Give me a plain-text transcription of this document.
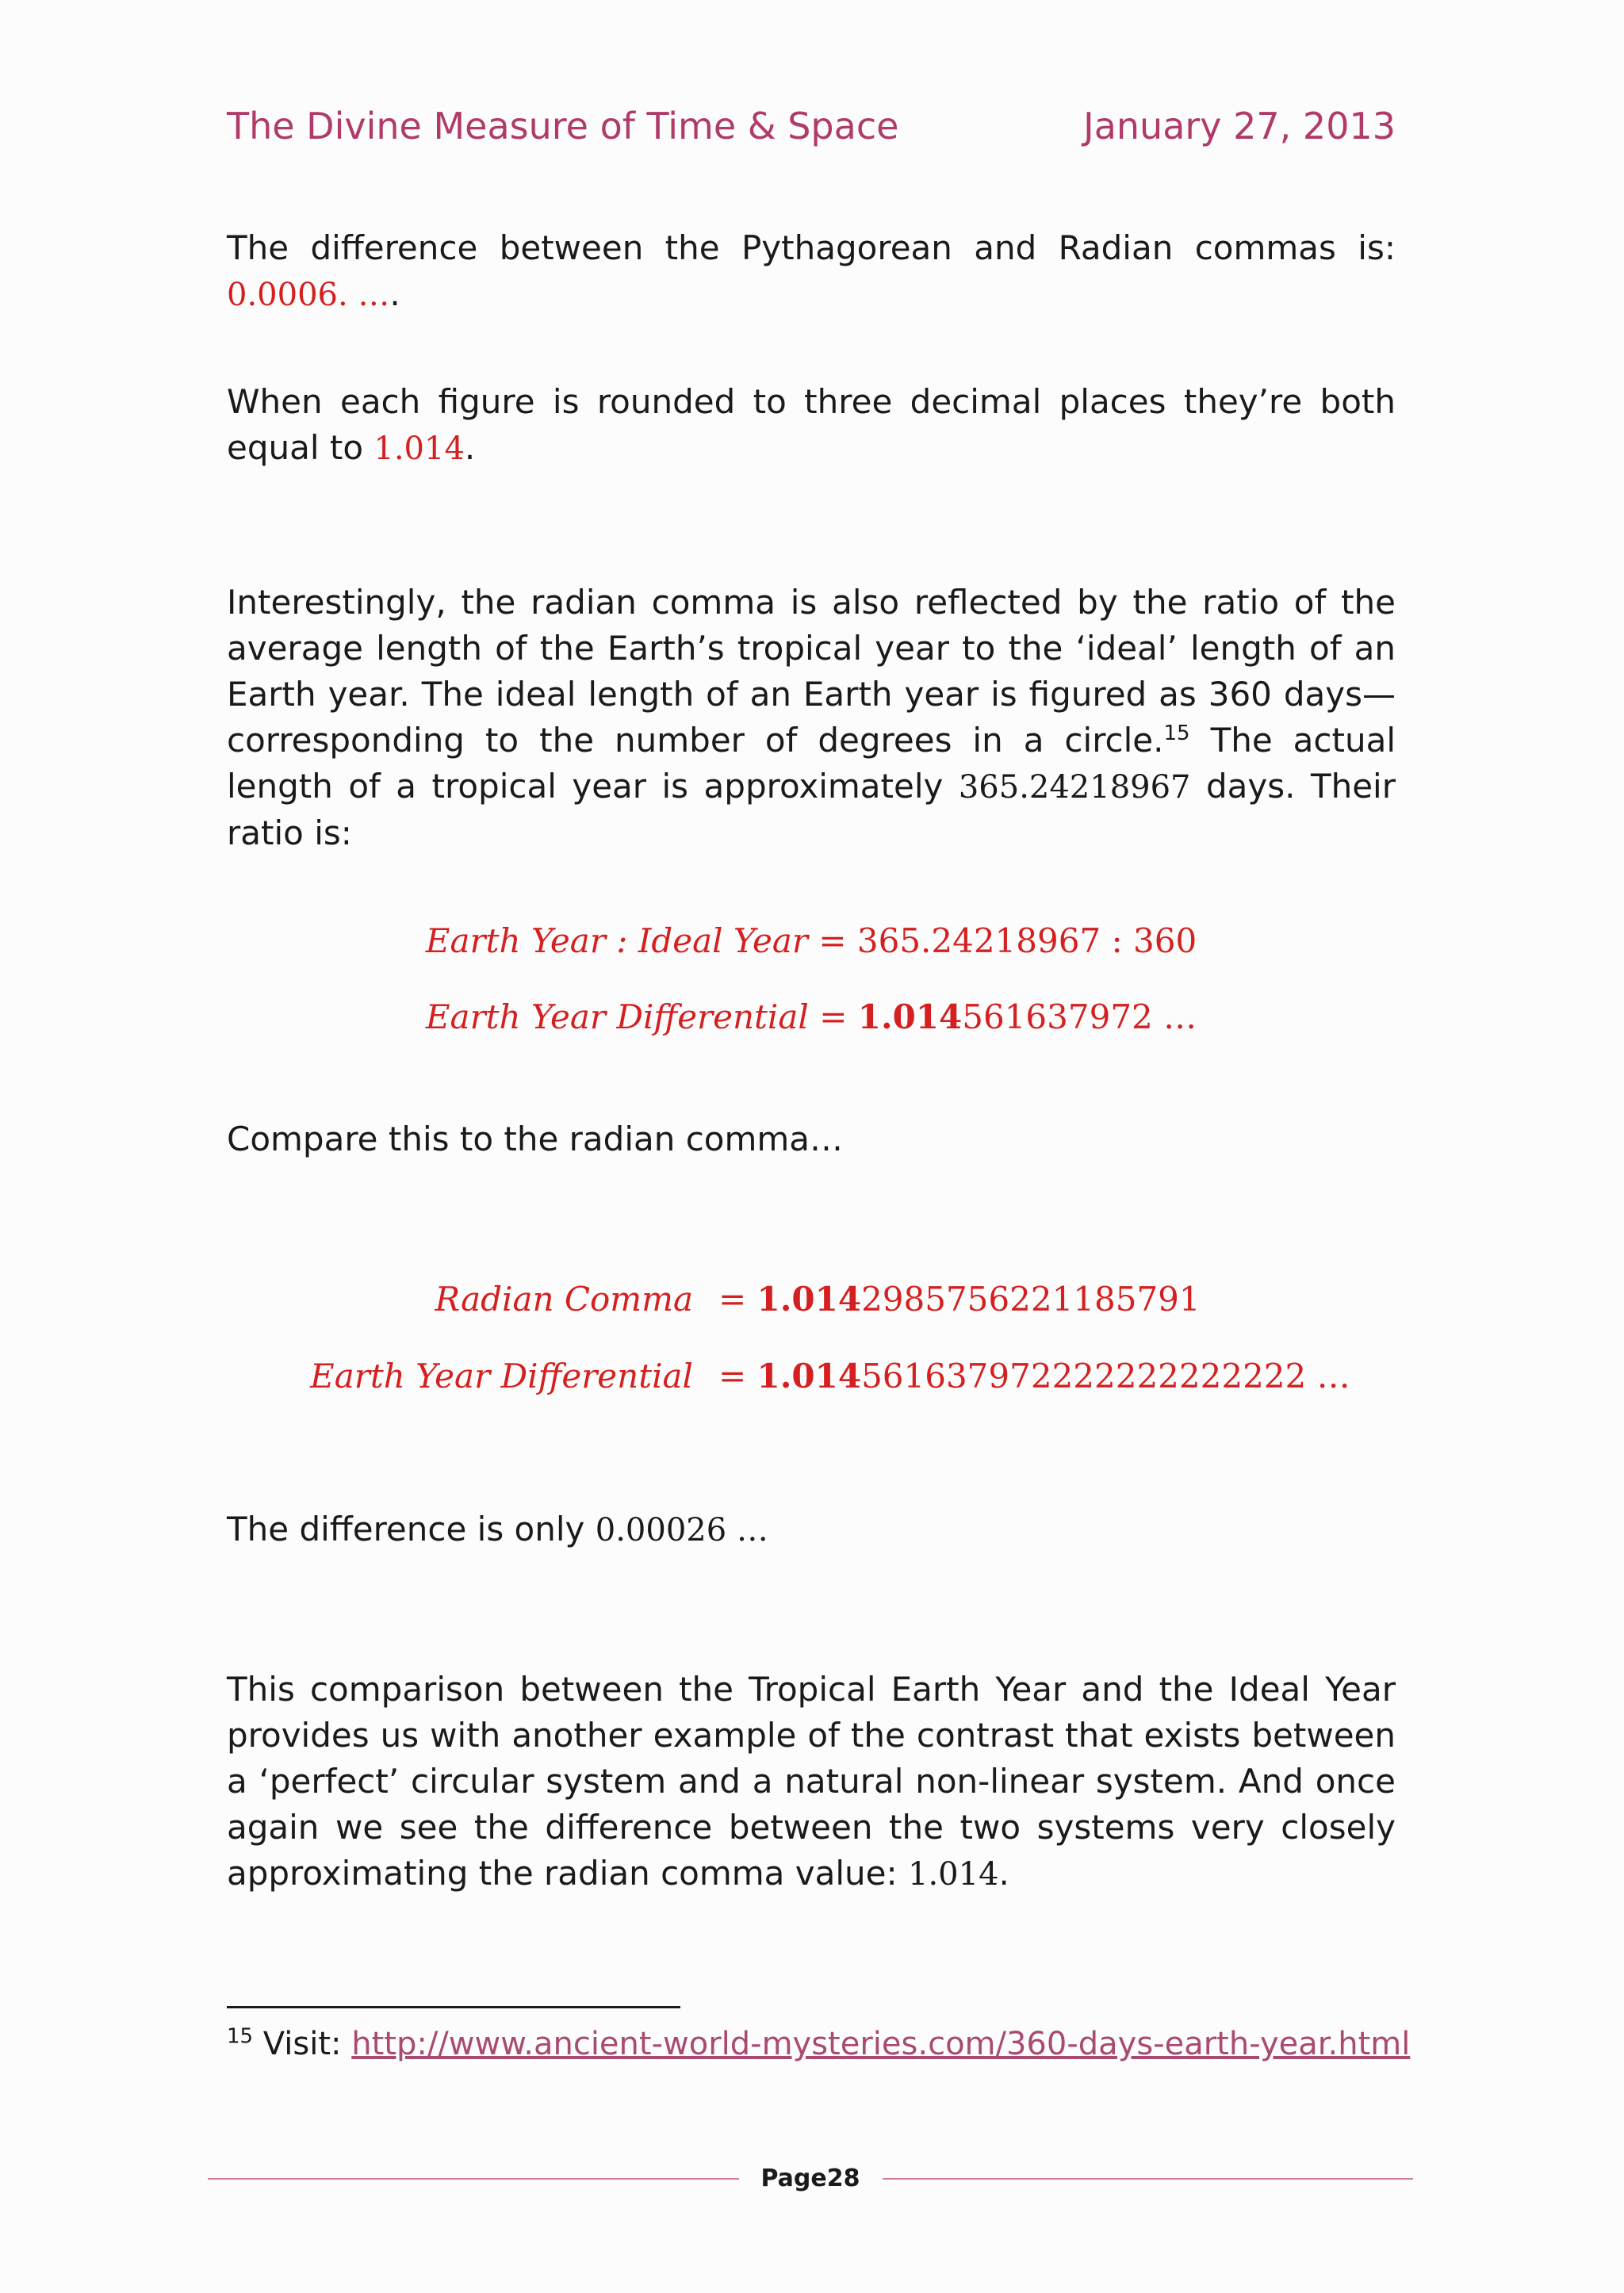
The Divine Measure of Time & Space	January 27, 2013

The difference between the Pythagorean and Radian commas is: 0.0006. ….

When each figure is rounded to three decimal places they’re both equal to 1.014.

Interestingly, the radian comma is also reflected by the ratio of the average length of the Earth’s tropical year to the ‘ideal’ length of an Earth year. The ideal length of an Earth year is figured as 360 days—corresponding to the number of degrees in a circle.$^{15}$ The actual length of a tropical year is approximately 365.24218967 days. Their ratio is:

Earth Year : Ideal Year = 365.24218967 : 360
Earth Year Differential = 1.014561637972 …

Compare this to the radian comma…

Radian Comma = 1.0142985756221185791
Earth Year Differential = 1.014561637972222222222222 …

The difference is only 0.00026 …

This comparison between the Tropical Earth Year and the Ideal Year provides us with another example of the contrast that exists between a ‘perfect’ circular system and a natural non-linear system. And once again we see the difference between the two systems very closely approximating the radian comma value: 1.014.

$^{15}$ Visit: http://www.ancient-world-mysteries.com/360-days-earth-year.html
Page28
